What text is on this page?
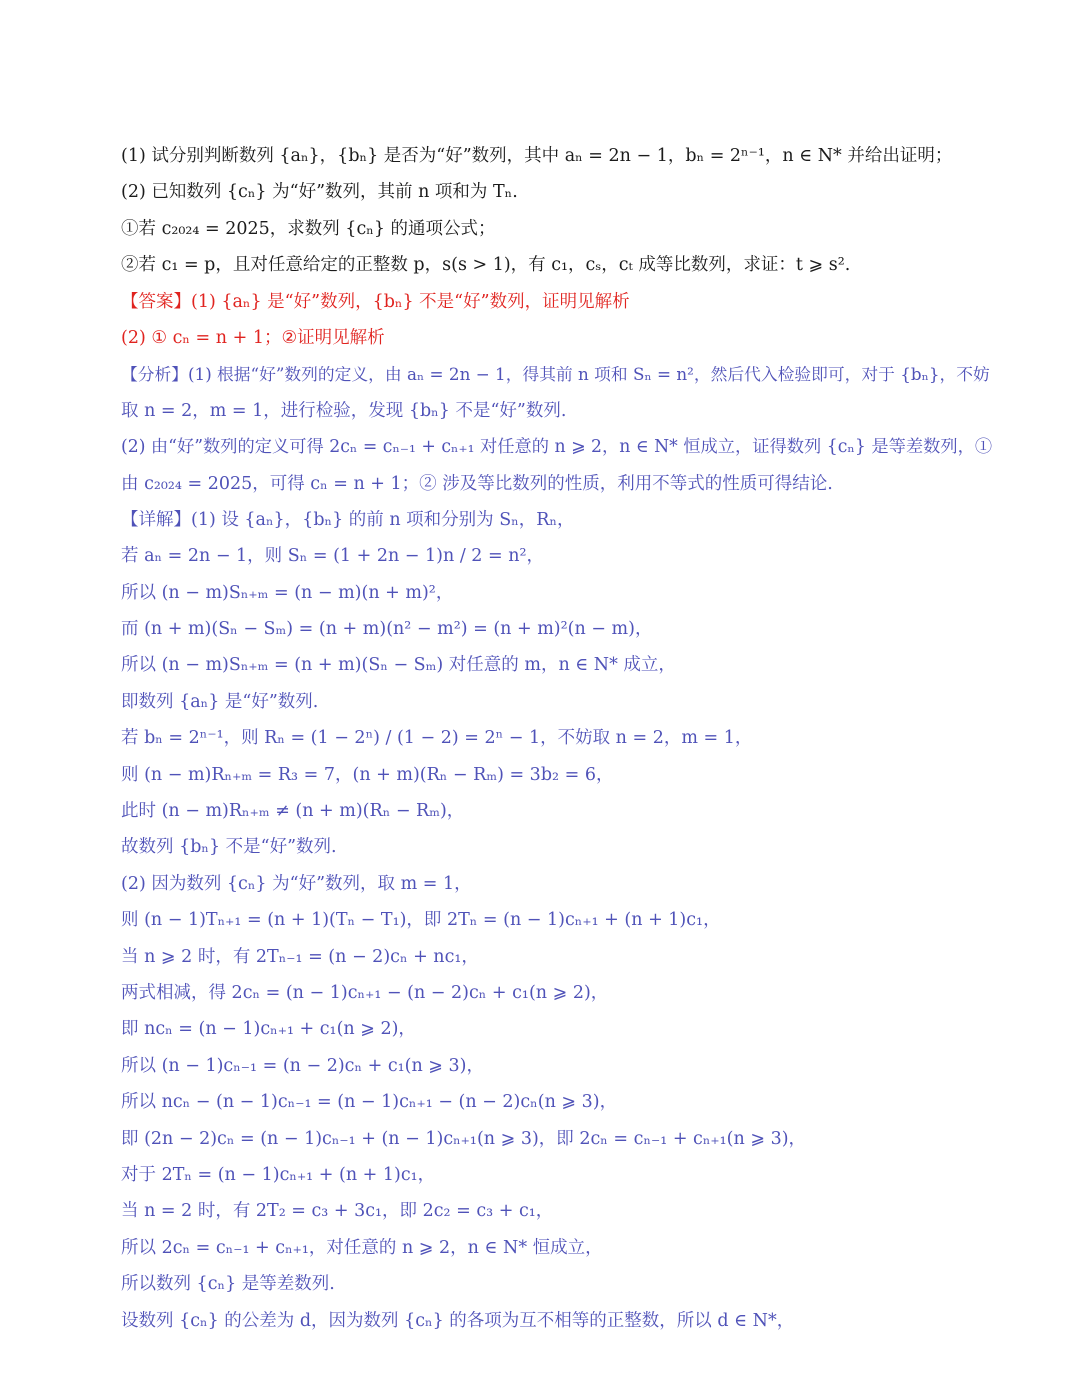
(1) 试分别判断数列 {aₙ}，{bₙ} 是否为“好”数列，其中 aₙ = 2n − 1，bₙ = 2ⁿ⁻¹，n ∈ N* 并给出证明；
(2) 已知数列 {cₙ} 为“好”数列，其前 n 项和为 Tₙ.
①若 c₂₀₂₄ = 2025，求数列 {cₙ} 的通项公式；
②若 c₁ = p，且对任意给定的正整数 p，s(s > 1)，有 c₁，cₛ，cₜ 成等比数列，求证：t ⩾ s².
【答案】(1) {aₙ} 是“好”数列，{bₙ} 不是“好”数列，证明见解析
(2) ① cₙ = n + 1；②证明见解析
【分析】(1) 根据“好”数列的定义，由 aₙ = 2n − 1，得其前 n 项和 Sₙ = n²，然后代入检验即可，对于 {bₙ}，不妨
取 n = 2，m = 1，进行检验，发现 {bₙ} 不是“好”数列.
(2) 由“好”数列的定义可得 2cₙ = cₙ₋₁ + cₙ₊₁ 对任意的 n ⩾ 2，n ∈ N* 恒成立，证得数列 {cₙ} 是等差数列，①
由 c₂₀₂₄ = 2025，可得 cₙ = n + 1；② 涉及等比数列的性质，利用不等式的性质可得结论.
【详解】(1) 设 {aₙ}，{bₙ} 的前 n 项和分别为 Sₙ，Rₙ，
若 aₙ = 2n − 1，则 Sₙ = (1 + 2n − 1)n / 2 = n²，
所以 (n − m)Sₙ₊ₘ = (n − m)(n + m)²，
而 (n + m)(Sₙ − Sₘ) = (n + m)(n² − m²) = (n + m)²(n − m)，
所以 (n − m)Sₙ₊ₘ = (n + m)(Sₙ − Sₘ) 对任意的 m，n ∈ N* 成立，
即数列 {aₙ} 是“好”数列.
若 bₙ = 2ⁿ⁻¹，则 Rₙ = (1 − 2ⁿ) / (1 − 2) = 2ⁿ − 1，不妨取 n = 2，m = 1，
则 (n − m)Rₙ₊ₘ = R₃ = 7，(n + m)(Rₙ − Rₘ) = 3b₂ = 6，
此时 (n − m)Rₙ₊ₘ ≠ (n + m)(Rₙ − Rₘ)，
故数列 {bₙ} 不是“好”数列.
(2) 因为数列 {cₙ} 为“好”数列，取 m = 1，
则 (n − 1)Tₙ₊₁ = (n + 1)(Tₙ − T₁)，即 2Tₙ = (n − 1)cₙ₊₁ + (n + 1)c₁，
当 n ⩾ 2 时，有 2Tₙ₋₁ = (n − 2)cₙ + nc₁，
两式相减，得 2cₙ = (n − 1)cₙ₊₁ − (n − 2)cₙ + c₁(n ⩾ 2)，
即 ncₙ = (n − 1)cₙ₊₁ + c₁(n ⩾ 2)，
所以 (n − 1)cₙ₋₁ = (n − 2)cₙ + c₁(n ⩾ 3)，
所以 ncₙ − (n − 1)cₙ₋₁ = (n − 1)cₙ₊₁ − (n − 2)cₙ(n ⩾ 3)，
即 (2n − 2)cₙ = (n − 1)cₙ₋₁ + (n − 1)cₙ₊₁(n ⩾ 3)，即 2cₙ = cₙ₋₁ + cₙ₊₁(n ⩾ 3)，
对于 2Tₙ = (n − 1)cₙ₊₁ + (n + 1)c₁，
当 n = 2 时，有 2T₂ = c₃ + 3c₁，即 2c₂ = c₃ + c₁，
所以 2cₙ = cₙ₋₁ + cₙ₊₁，对任意的 n ⩾ 2，n ∈ N* 恒成立，
所以数列 {cₙ} 是等差数列.
设数列 {cₙ} 的公差为 d，因为数列 {cₙ} 的各项为互不相等的正整数，所以 d ∈ N*，
